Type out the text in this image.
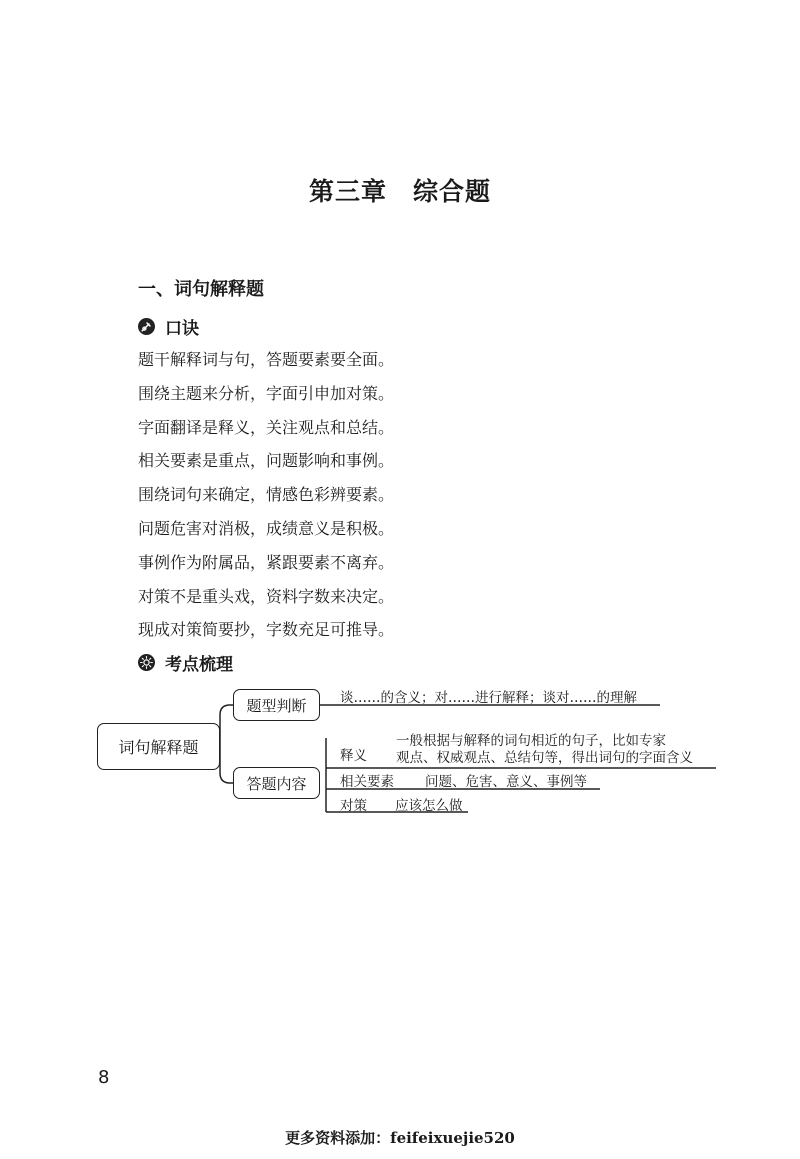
第三章　综合题
一、词句解释题
口诀
题干解释词与句，答题要素要全面。
围绕主题来分析，字面引申加对策。
字面翻译是释义，关注观点和总结。
相关要素是重点，问题影响和事例。
围绕词句来确定，情感色彩辨要素。
问题危害对消极，成绩意义是积极。
事例作为附属品，紧跟要素不离弃。
对策不是重头戏，资料字数来决定。
现成对策简要抄，字数充足可推导。
考点梳理
词句解释题
题型判断
答题内容
谈……的含义；对……进行解释；谈对……的理解
释义
一般根据与解释的词句相近的句子，比如专家
观点、权威观点、总结句等，得出词句的字面含义
相关要素 问题、危害、意义、事例等
对策 应该怎么做
8
更多资料添加：feifeixuejie520
